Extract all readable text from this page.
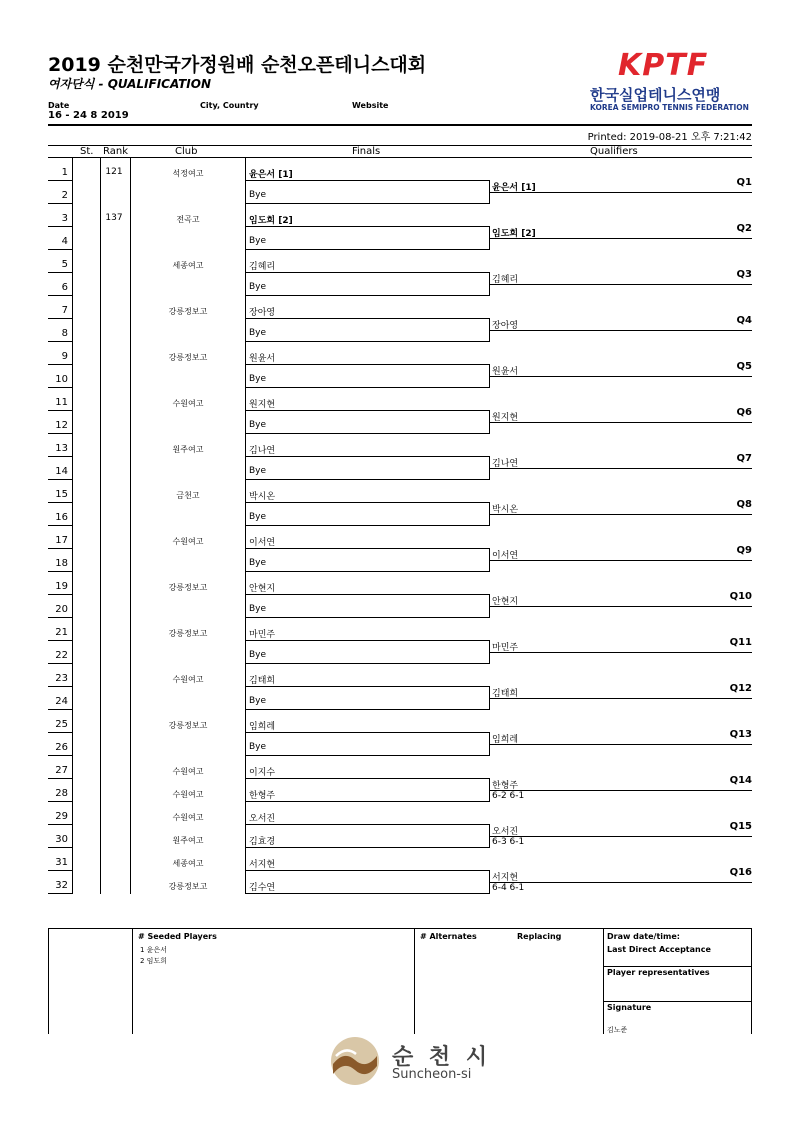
2019 순천만국가정원배 순천오픈테니스대회
여자단식 - QUALIFICATION
Date	City, Country	Website
16 - 24 8 2019
KPTF
한국실업테니스연맹
KOREA SEMIPRO TENNIS FEDERATION
Printed: 2019-08-21 오후 7:21:42
St. Rank	Club	Finals	Qualifiers
1	121	석정여고	윤은서 [1]
2	Bye
3	137	전곡고	임도희 [2]
4	Bye
5	세종여고	김혜리
6	Bye
7	강릉정보고	장아영
8	Bye
9	강릉정보고	원윤서
10	Bye
11	수원여고	원지현
12	Bye
13	원주여고	김나연
14	Bye
15	금천고	박시온
16	Bye
17	수원여고	이서연
18	Bye
19	강릉정보고	안현지
20	Bye
21	강릉정보고	마민주
22	Bye
23	수원여고	김태희
24	Bye
25	강릉정보고	임희레
26	Bye
27	수원여고	이지수
28	수원여고	한형주
29	수원여고	오서진
30	원주여고	김효경
31	세종여고	서지현
32	강릉정보고	김수연
윤은서 [1]	Q1
임도희 [2]	Q2
김혜리	Q3
장아영	Q4
원윤서	Q5
원지현	Q6
김나연	Q7
박시온	Q8
이서연	Q9
안현지	Q10
마민주	Q11
김태희	Q12
임희레	Q13
한형주	Q14
6-2 6-1
오서진	Q15
6-3 6-1
서지현	Q16
6-4 6-1
# Seeded Players
1 윤은서
2 임도희
# Alternates	Replacing	Draw date/time:
Last Direct Acceptance
Player representatives
Signature
김노준
순 천 시
Suncheon-si
